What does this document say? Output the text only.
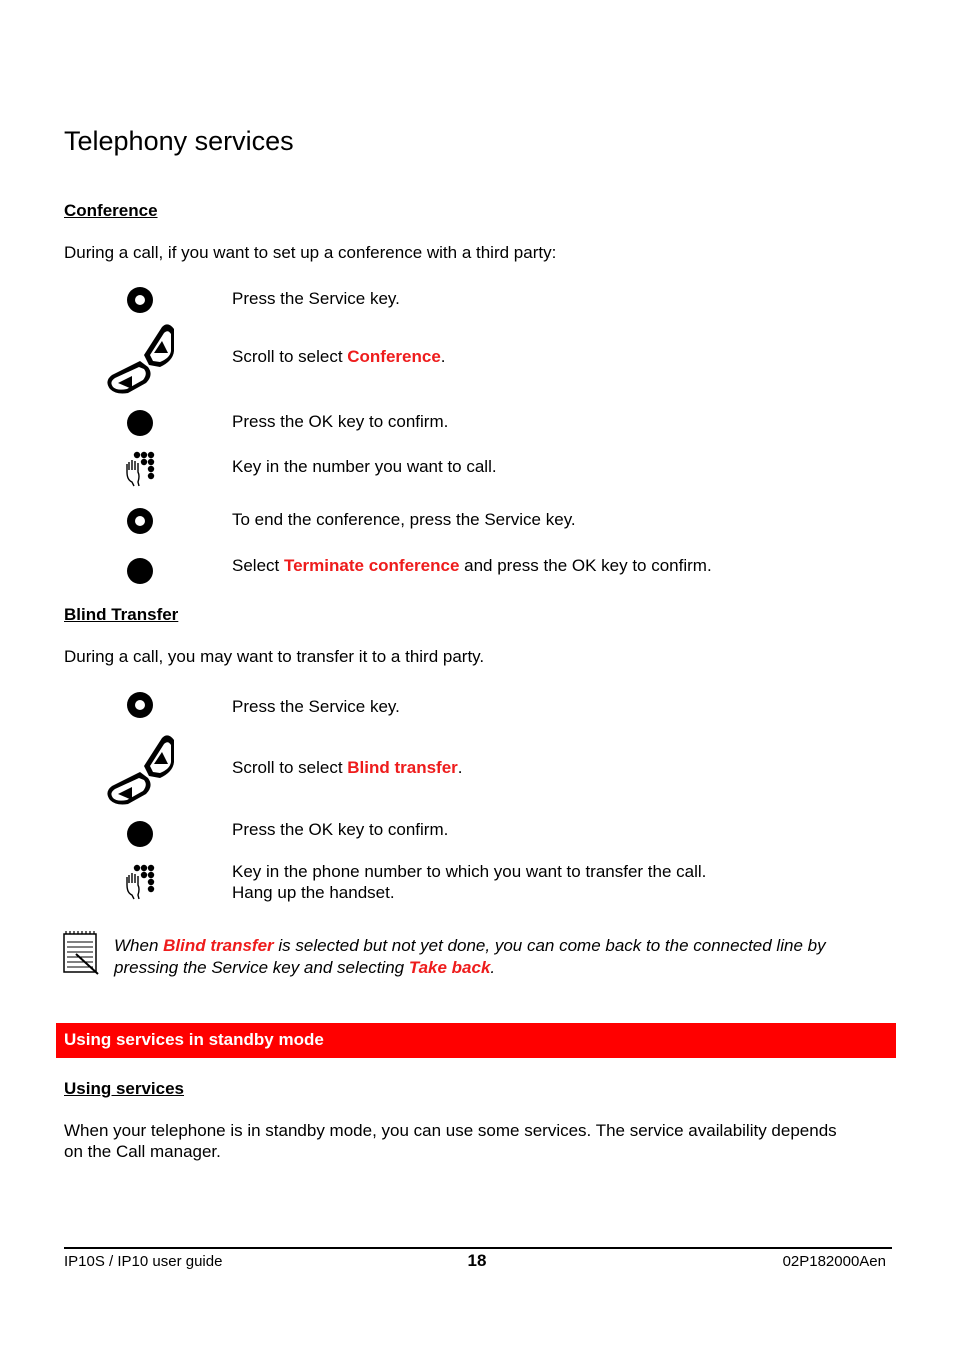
Telephony services
Conference
During a call, if you want to set up a conference with a third party:
Press the Service key.
Scroll to select Conference.
Press the OK key to confirm.
Key in the number you want to call.
To end the conference, press the Service key.
Select Terminate conference and press the OK key to confirm.
Blind Transfer
During a call, you may want to transfer it to a third party.
Press the Service key.
Scroll to select Blind transfer.
Press the OK key to confirm.
Key in the phone number to which you want to transfer the call.
Hang up the handset.
When Blind transfer is selected but not yet done, you can come back to the connected line by pressing the Service key and selecting Take back.
Using services in standby mode
Using services
When your telephone is in standby mode, you can use some services. The service availability depends on the Call manager.
IP10S / IP10 user guide	18	02P182000Aen
